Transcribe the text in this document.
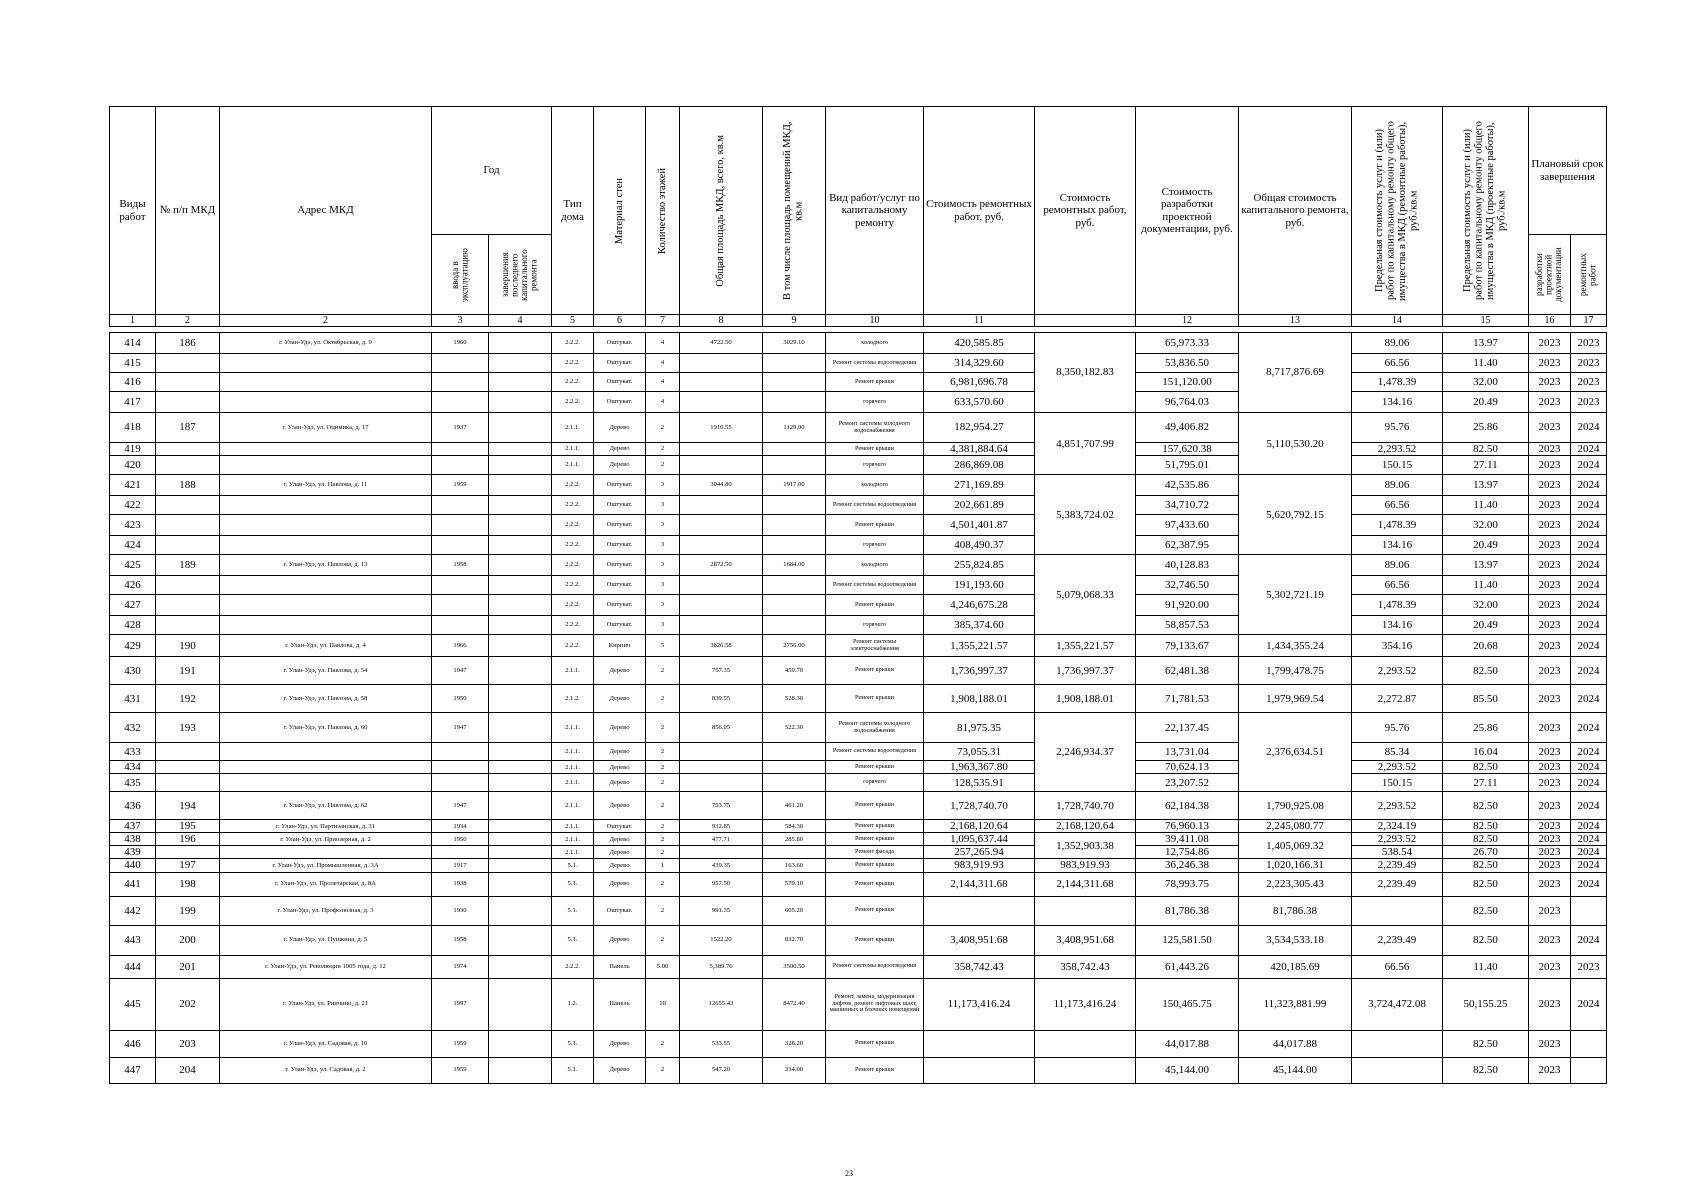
Виды работ	№ п/п МКД	Адрес МКД	Год		Тип дома	Материал стен	Количество этажей	Общая площадь МКД, всего, кв.м	В том числе площадь помещений МКД, кв.м	Вид работ/услуг по капитальному ремонту	Стоимость ремонтных работ, руб.	Стоимость ремонтных работ, руб.	Стоимость разработки проектной документации, руб.	Общая стоимость капитального ремонта, руб.	Предельная стоимость услуг и (или) работ по капитальному ремонту общего имущества в МКД (ремонтные работы), руб./кв.м	Предельная стоимость услуг и (или) работ по капитальному ремонту общего имущества в МКД (проектные работы), руб./кв.м	Плановый срок завершения	

			ввода в эксплуатацию	завершения последнего капитального ремонта													разработки проектной документации	ремонтных работ

1	2	2	3	4	5	6	7	8	9	10	11		12	13	14	15	16	17

414	186	г. Улан-Удэ, ул. Октябрьская, д. 9	1960		2.2.2.	Оштукат.	4	4722.50	3029.10	холодного	420,585.85	8,350,182.83	65,973.33	8,717,876.69	89.06	13.97	2023	2023
415					2.2.2.	Оштукат.	4			Ремонт системы водоотведения	314,329.60		53,836.50		66.56	11.40	2023	2023
416					2.2.2.	Оштукат.	4			Ремонт крыши	6,981,696.78		151,120.00		1,478.39	32.00	2023	2023
417					2.2.2.	Оштукат.	4			горячего	633,570.60		96,764.03		134.16	20.49	2023	2023
418	187	г. Улан-Удэ, ул. Оцимика, д. 17	1937		2.1.1.	Дерево	2	1910.55	1129.00	Ремонт системы холодного водоснабжения	182,954.27	4,851,707.99	49,406.82	5,110,530.20	95.76	25.86	2023	2024
419					2.1.1.	Дерево	2			Ремонт крыши	4,381,884.64		157,620.38		2,293.52	82.50	2023	2024
420					2.1.1.	Дерево	2			горячего	286,869.08		51,795.01		150.15	27.11	2023	2024
421	188	г. Улан-Удэ, ул. Павлова, д. 11	1959		2.2.2.	Оштукат.	3	3044.80	1917.00	холодного	271,169.89	5,383,724.02	42,535.86	5,620,792.15	89.06	13.97	2023	2024
422					2.2.2.	Оштукат.	3			Ремонт системы водоотведения	202,661.89		34,710.72		66.56	11.40	2023	2024
423					2.2.2.	Оштукат.	3			Ремонт крыши	4,501,401.87		97,433.60		1,478.39	32.00	2023	2024
424					2.2.2.	Оштукат.	3			горячего	408,490.37		62,387.95		134.16	20.49	2023	2024
425	189	г. Улан-Удэ, ул. Павлова, д. 13	1958		2.2.2.	Оштукат.	3	2872.50	1684.00	холодного	255,824.85	5,079,068.33	40,128.83	5,302,721.19	89.06	13.97	2023	2024
426					2.2.2.	Оштукат.	3			Ремонт системы водоотведения	191,193.60		32,746.50		66.56	11.40	2023	2024
427					2.2.2.	Оштукат.	3			Ремонт крыши	4,246,675.28		91,920.00		1,478.39	32.00	2023	2024
428					2.2.2.	Оштукат.	3			горячего	385,374.60		58,857.53		134.16	20.49	2023	2024
429	190	г. Улан-Удэ, ул. Павлова, д. 4	1966		2.2.2.	Кирпич	5	3826.58	2756.00	Ремонт системы электроснабжения	1,355,221.57	1,355,221.57	79,133.67	1,434,355.24	354.16	20.68	2023	2024
430	191	г. Улан-Удэ, ул. Павлова, д. 54	1947		2.1.1.	Дерево	2	757.35	459.70	Ремонт крыши	1,736,997.37	1,736,997.37	62,481.38	1,799,478.75	2,293.52	82.50	2023	2024
431	192	г. Улан-Удэ, ул. Павлова, д. 58	1950		2.1.2.	Дерево	2	839.55	528.30	Ремонт крыши	1,908,188.01	1,908,188.01	71,781.53	1,979,969.54	2,272.87	85.50	2023	2024
432	193	г. Улан-Удэ, ул. Павлова, д. 60	1947		2.1.1.	Дерево	2	856.05	522.30	Ремонт системы холодного водоснабжения	81,975.35	2,246,934.37	22,137.45	2,376,634.51	95.76	25.86	2023	2024
433					2.1.1.	Дерево	2			Ремонт системы водоотведения	73,055.31		13,731.04		85.34	16.04	2023	2024
434					2.1.1.	Дерево	2			Ремонт крыши	1,963,367.80		70,624.13		2,293.52	82.50	2023	2024
435					2.1.1.	Дерево	2			горячего	128,535.91		23,207.52		150.15	27.11	2023	2024
436	194	г. Улан-Удэ, ул. Павлова, д. 62	1947		2.1.1.	Дерево	2	753.75	461.20	Ремонт крыши	1,728,740.70	1,728,740.70	62,184.38	1,790,925.08	2,293.52	82.50	2023	2024
437	195	г. Улан-Удэ, ул. Партизанская, д. 31	1934		2.1.1.	Оштукат.	2	932.85	584.30	Ремонт крыши	2,168,120.64	2,168,120.64	76,960.13	2,245,080.77	2,324.19	82.50	2023	2024
438	196	г. Улан-Удэ, ул. Приозерная, д. 2	1950		2.1.1.	Дерево	2	477.71	285.80	Ремонт крыши	1,095,637.44	1,352,903.38	39,411.08	1,405,069.32	2,293.52	82.50	2023	2024
439					2.1.1.	Дерево	2			Ремонт фасада	257,265.94		12,754.86		538.54	26.70	2023	2024
440	197	г. Улан-Удэ, ул. Промышленная, д. 3А	1917		5.1.	Дерево	1	439.35	163.60	Ремонт крыши	983,919.93	983,919.93	36,246.38	1,020,166.31	2,239.49	82.50	2023	2024
441	198	г. Улан-Удэ, ул. Пролетарская, д. 8А	1938		5.1.	Дерево	2	957.50	579.10	Ремонт крыши	2,144,311.68	2,144,311.68	78,993.75	2,223,305.43	2,239.49	82.50	2023	2024
442	199	г. Улан-Удэ, ул. Профсоюзная, д. 3	1930		5.1.	Оштукат.	2	991.35	605.20	Ремонт крыши			81,786.38	81,786.38		82.50	2023	
443	200	г. Улан-Удэ, ул. Пушкина, д. 5	1958		5.1.	Дерево	2	1522.20	832.70	Ремонт крыши	3,408,951.68	3,408,951.68	125,581.50	3,534,533.18	2,239.49	82.50	2023	2024
444	201	г. Улан-Удэ, ул. Революции 1905 года, д. 12	1974		2.2.2.	Панель	5.00	5,389.76	3500.50	Ремонт системы водоотведения	358,742.43	358,742.43	61,443.26	420,185.69	66.56	11.40	2023	2023
445	202	г. Улан-Удэ, ул. Ринчино, д. 21	1997		1.2.	Панель	10	12655.43	8472.40	Ремонт, замена, модернизация лифтов, ремонт лифтовых шахт, машинных и блочных помещений	11,173,416.24	11,173,416.24	150,465.75	11,323,881.99	3,724,472.08	50,155.25	2023	2024
446	203	г. Улан-Удэ, ул. Садовая, д. 10	1959		5.1.	Дерево	2	533.55	328.20	Ремонт крыши			44,017.88	44,017.88		82.50	2023	
447	204	г. Улан-Удэ, ул. Садовая, д. 2	1959		5.1.	Дерево	2	547.20	334.00	Ремонт крыши			45,144.00	45,144.00		82.50	2023	
23
